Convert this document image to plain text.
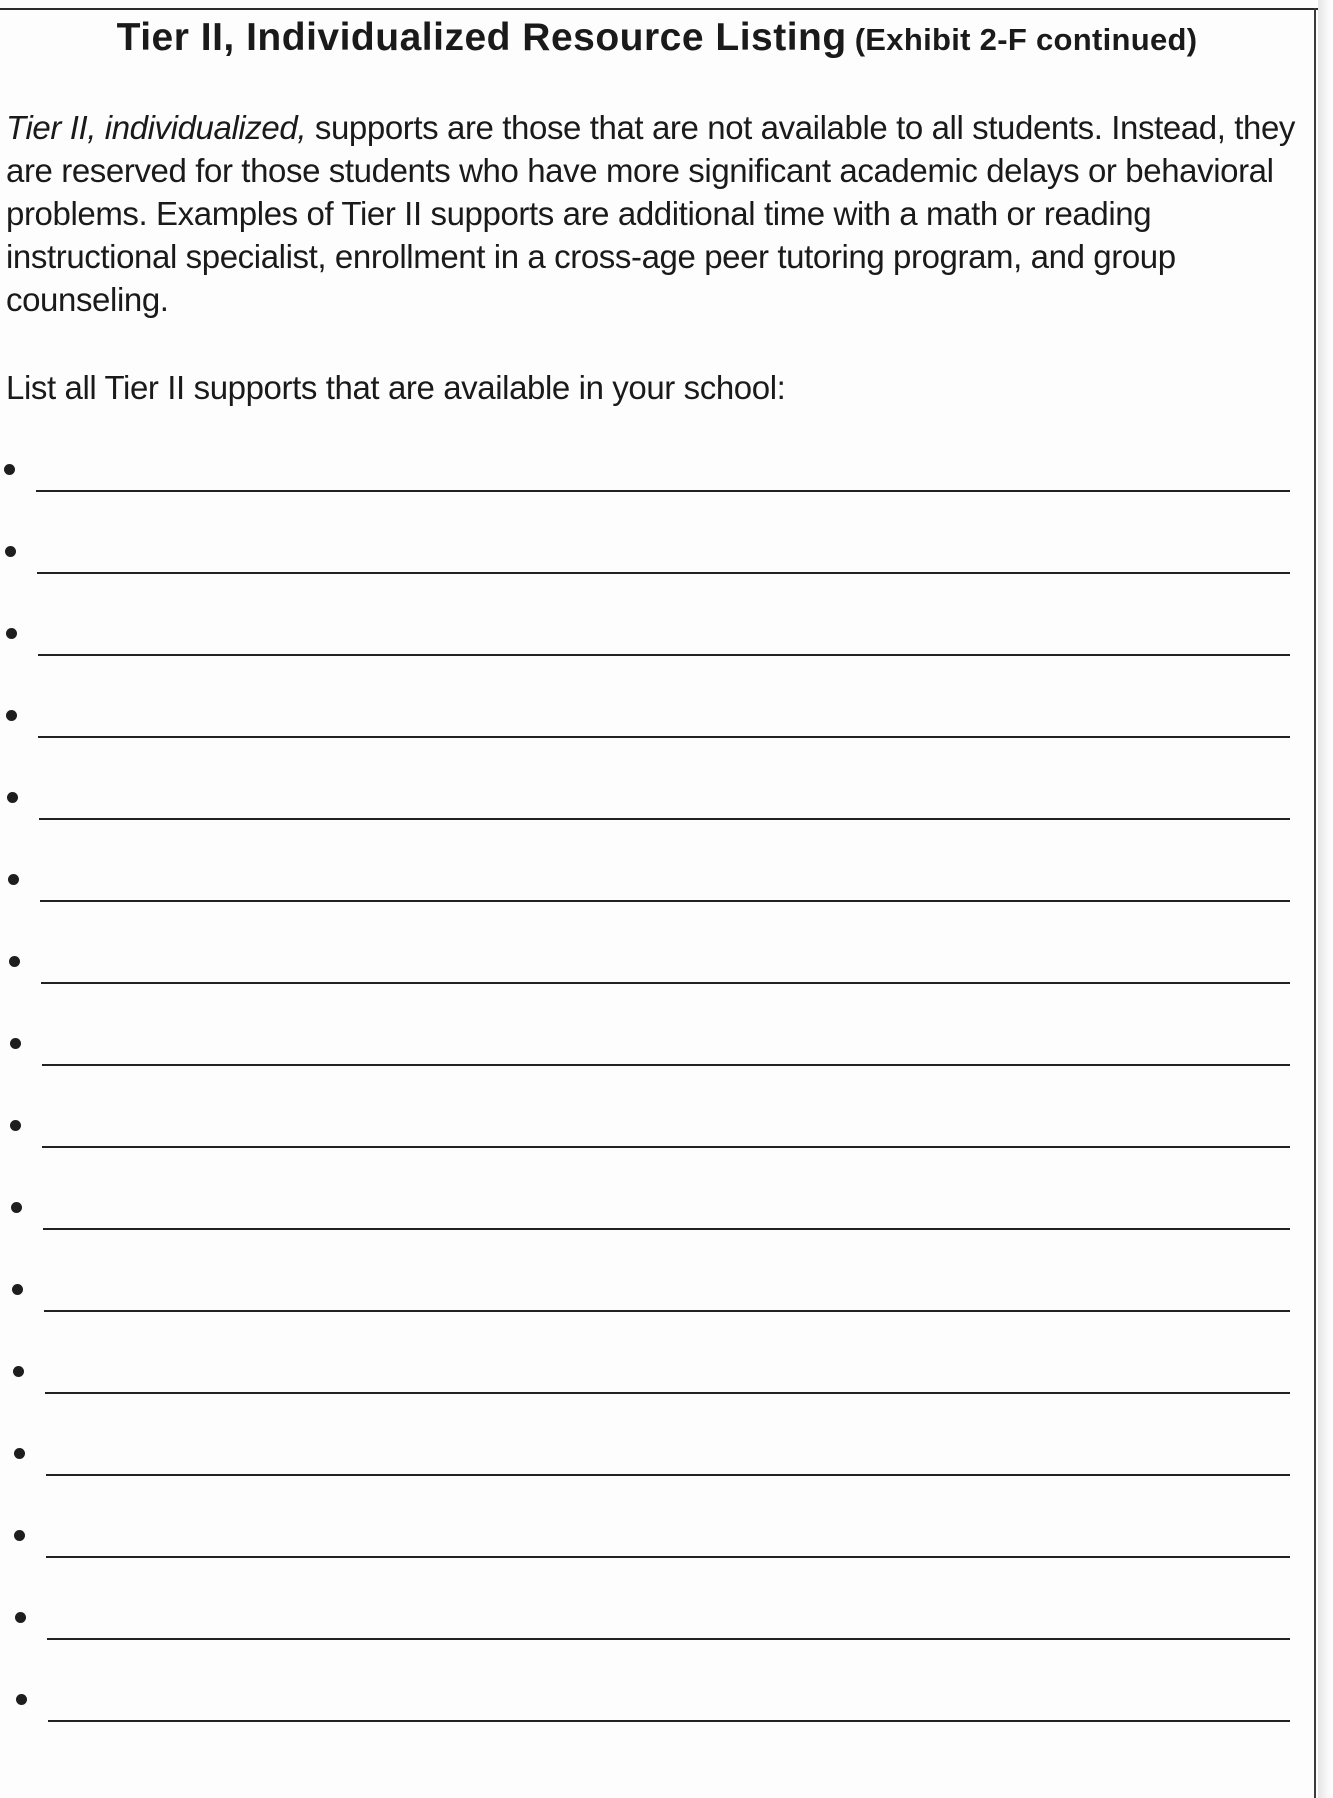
Tier II, Individualized Resource Listing (Exhibit 2-F continued)

Tier II, individualized, supports are those that are not available to all students. Instead, they are reserved for those students who have more significant academic delays or behavioral problems. Examples of Tier II supports are additional time with a math or reading instructional specialist, enrollment in a cross-age peer tutoring program, and group counseling.

List all Tier II supports that are available in your school:
